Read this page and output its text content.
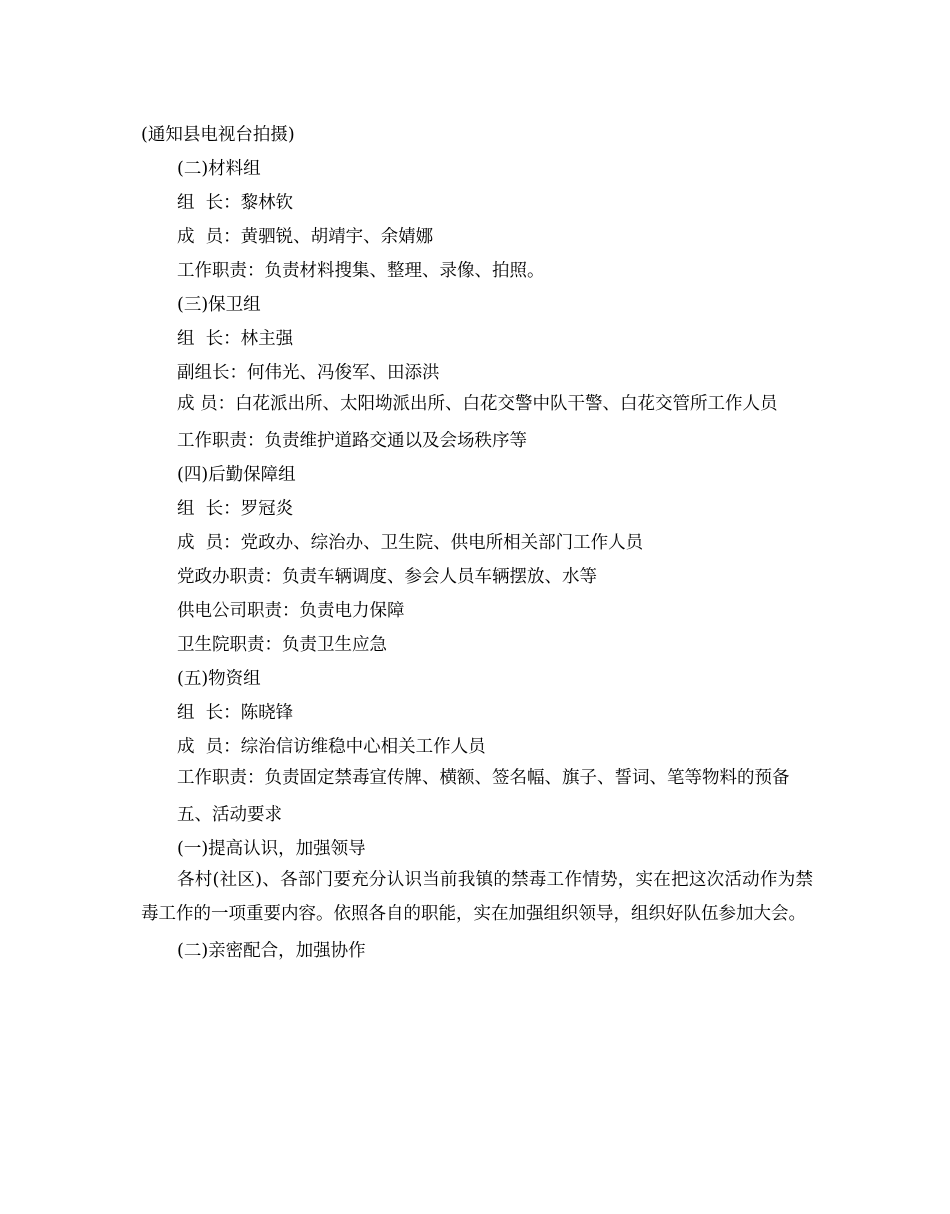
(通知县电视台拍摄)
(二)材料组
组  长：黎林钦
成  员：黄驷锐、胡靖宇、余婧娜
工作职责：负责材料搜集、整理、录像、拍照。
(三)保卫组
组  长：林主强
副组长：何伟光、冯俊军、田添洪
成 员：白花派出所、太阳坳派出所、白花交警中队干警、白花交管所工作人员
工作职责：负责维护道路交通以及会场秩序等
(四)后勤保障组
组  长：罗冠炎
成  员：党政办、综治办、卫生院、供电所相关部门工作人员
党政办职责：负责车辆调度、参会人员车辆摆放、水等
供电公司职责：负责电力保障
卫生院职责：负责卫生应急
(五)物资组
组  长：陈晓锋
成  员：综治信访维稳中心相关工作人员
工作职责：负责固定禁毒宣传牌、横额、签名幅、旗子、誓词、笔等物料的预备
五、活动要求
(一)提高认识，加强领导
各村(社区)、各部门要充分认识当前我镇的禁毒工作情势，实在把这次活动作为禁毒工作的一项重要内容。依照各自的职能，实在加强组织领导，组织好队伍参加大会。
(二)亲密配合，加强协作
